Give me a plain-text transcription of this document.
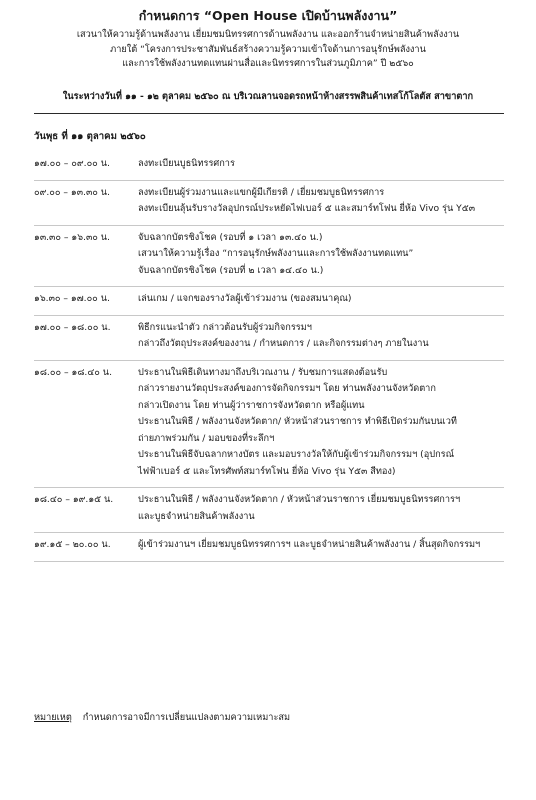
กำหนดการ “Open House เปิดบ้านพลังงาน”
เสวนาให้ความรู้ด้านพลังงาน เยี่ยมชมนิทรรศการด้านพลังงาน และออกร้านจำหน่ายสินค้าพลังงาน
ภายใต้ “โครงการประชาสัมพันธ์สร้างความรู้ความเข้าใจด้านการอนุรักษ์พลังงาน
และการใช้พลังงานทดแทนผ่านสื่อและนิทรรศการในส่วนภูมิภาค” ปี ๒๕๖๐
ในระหว่างวันที่ ๑๑ - ๑๒ ตุลาคม ๒๕๖๐ ณ บริเวณลานจอดรถหน้าห้างสรรพสินค้าเทสโก้โลตัส สาขาตาก
วันพุธ ที่ ๑๑ ตุลาคม ๒๕๖๐
๑๗.๐๐ – ๐๙.๐๐ น.	ลงทะเบียนบูธนิทรรศการ
๐๙.๐๐ – ๑๓.๓๐ น.	ลงทะเบียนผู้ร่วมงานและแขกผู้มีเกียรติ / เยี่ยมชมบูธนิทรรศการ
ลงทะเบียนลุ้นรับรางวัลอุปกรณ์ประหยัดไฟเบอร์ ๕ และสมาร์ทโฟน ยี่ห้อ Vivo รุ่น Y๕๓
๑๓.๓๐ – ๑๖.๓๐ น.	จับฉลากบัตรชิงโชค (รอบที่ ๑ เวลา ๑๓.๔๐ น.)
เสวนาให้ความรู้เรื่อง “การอนุรักษ์พลังงานและการใช้พลังงานทดแทน”
จับฉลากบัตรชิงโชค (รอบที่ ๒ เวลา ๑๔.๔๐ น.)
๑๖.๓๐ – ๑๗.๐๐ น.	เล่นเกม / แจกของรางวัลผู้เข้าร่วมงาน (ของสมนาคุณ)
๑๗.๐๐ – ๑๘.๐๐ น.	พิธีกรแนะนำตัว กล่าวต้อนรับผู้ร่วมกิจกรรมฯ
กล่าวถึงวัตถุประสงค์ของงาน / กำหนดการ / และกิจกรรมต่างๆ ภายในงาน
๑๘.๐๐ – ๑๘.๔๐ น.	ประธานในพิธีเดินทางมาถึงบริเวณงาน / รับชมการแสดงต้อนรับ
กล่าวรายงานวัตถุประสงค์ของการจัดกิจกรรมฯ โดย ท่านพลังงานจังหวัดตาก
กล่าวเปิดงาน โดย ท่านผู้ว่าราชการจังหวัดตาก หรือผู้แทน
ประธานในพิธี / พลังงานจังหวัดตาก/ หัวหน้าส่วนราชการ ทำพิธีเปิดร่วมกันบนเวที
ถ่ายภาพร่วมกัน / มอบของที่ระลึกฯ
ประธานในพิธีจับฉลากหางบัตร และมอบรางวัลให้กับผู้เข้าร่วมกิจกรรมฯ (อุปกรณ์
ไฟฟ้าเบอร์ ๕ และโทรศัพท์สมาร์ทโฟน ยี่ห้อ Vivo รุ่น Y๕๓ สีทอง)
๑๘.๔๐ – ๑๙.๑๕ น.	ประธานในพิธี / พลังงานจังหวัดตาก / หัวหน้าส่วนราชการ เยี่ยมชมบูธนิทรรศการฯ
และบูธจำหน่ายสินค้าพลังงาน
๑๙.๑๕ – ๒๐.๐๐ น.	ผู้เข้าร่วมงานฯ เยี่ยมชมบูธนิทรรศการฯ และบูธจำหน่ายสินค้าพลังงาน / สิ้นสุดกิจกรรมฯ
หมายเหตุ กำหนดการอาจมีการเปลี่ยนแปลงตามความเหมาะสม
